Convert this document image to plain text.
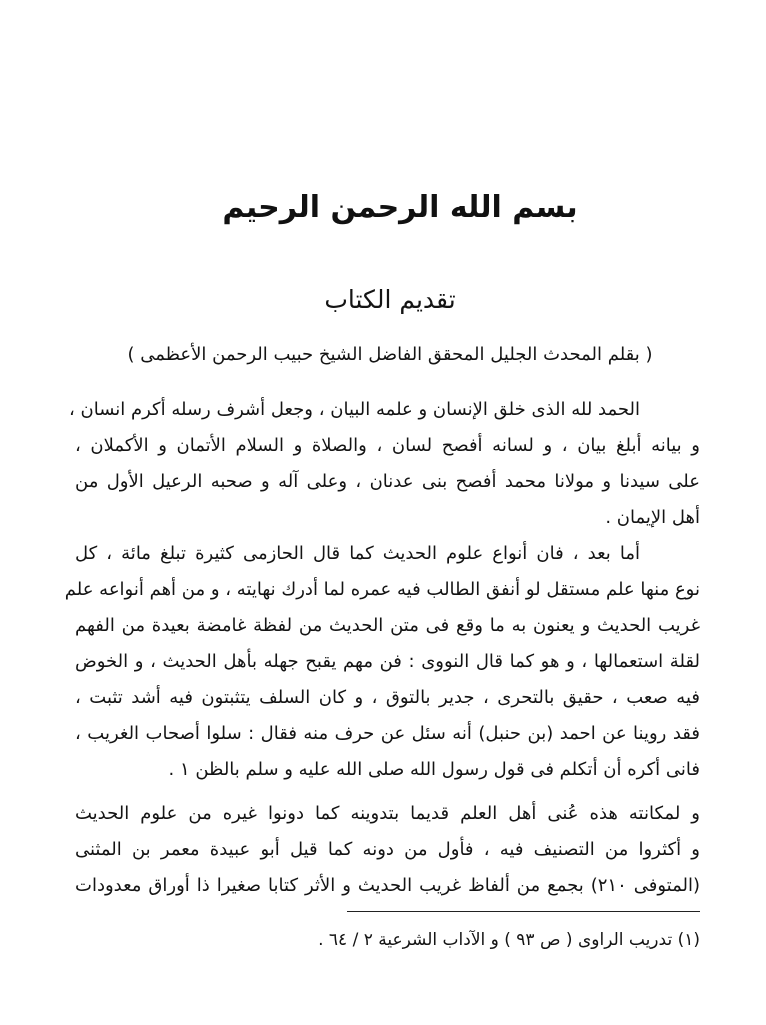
بسم الله الرحمن الرحيم
تقديم الكتاب
( بقلم المحدث الجليل المحقق الفاضل الشيخ حبيب الرحمن الأعظمى )
الحمد لله الذى خلق الإنسان و علمه البيان ، وجعل أشرف رسله أكرم انسان ،
و بيانه أبلغ بيان ، و لسانه أفصح لسان ، والصلاة و السلام الأتمان و الأكملان ،
على سيدنا و مولانا محمد أفصح بنى عدنان ، وعلى آله و صحبه الرعيل الأول من
أهل الإيمان .
أما بعد ، فان أنواع علوم الحديث كما قال الحازمى كثيرة تبلغ مائة ، كل
نوع منها علم مستقل لو أنفق الطالب فيه عمره لما أدرك نهايته ، و من أهم أنواعه علم
غريب الحديث و يعنون به ما وقع فى متن الحديث من لفظة غامضة بعيدة من الفهم
لقلة استعمالها ، و هو كما قال النووى : فن مهم يقبح جهله بأهل الحديث ، و الخوض
فيه صعب ، حقيق بالتحرى ، جدير بالتوق ، و كان السلف يتثبتون فيه أشد تثبت ،
فقد روينا عن احمد (بن حنبل) أنه سئل عن حرف منه فقال : سلوا أصحاب الغريب ،
فانى أكره أن أتكلم فى قول رسول الله صلى الله عليه و سلم بالظن ١ .
و لمكانته هذه عُنى أهل العلم قديما بتدوينه كما دونوا غيره من علوم الحديث
و أكثروا من التصنيف فيه ، فأول من دونه كما قيل أبو عبيدة معمر بن المثنى
(المتوفى ٢١٠) بجمع من ألفاظ غريب الحديث و الأثر كتابا صغيرا ذا أوراق معدودات
(١) تدريب الراوى ( ص ٩٣ ) و الآداب الشرعية ٢ / ٦٤ .
